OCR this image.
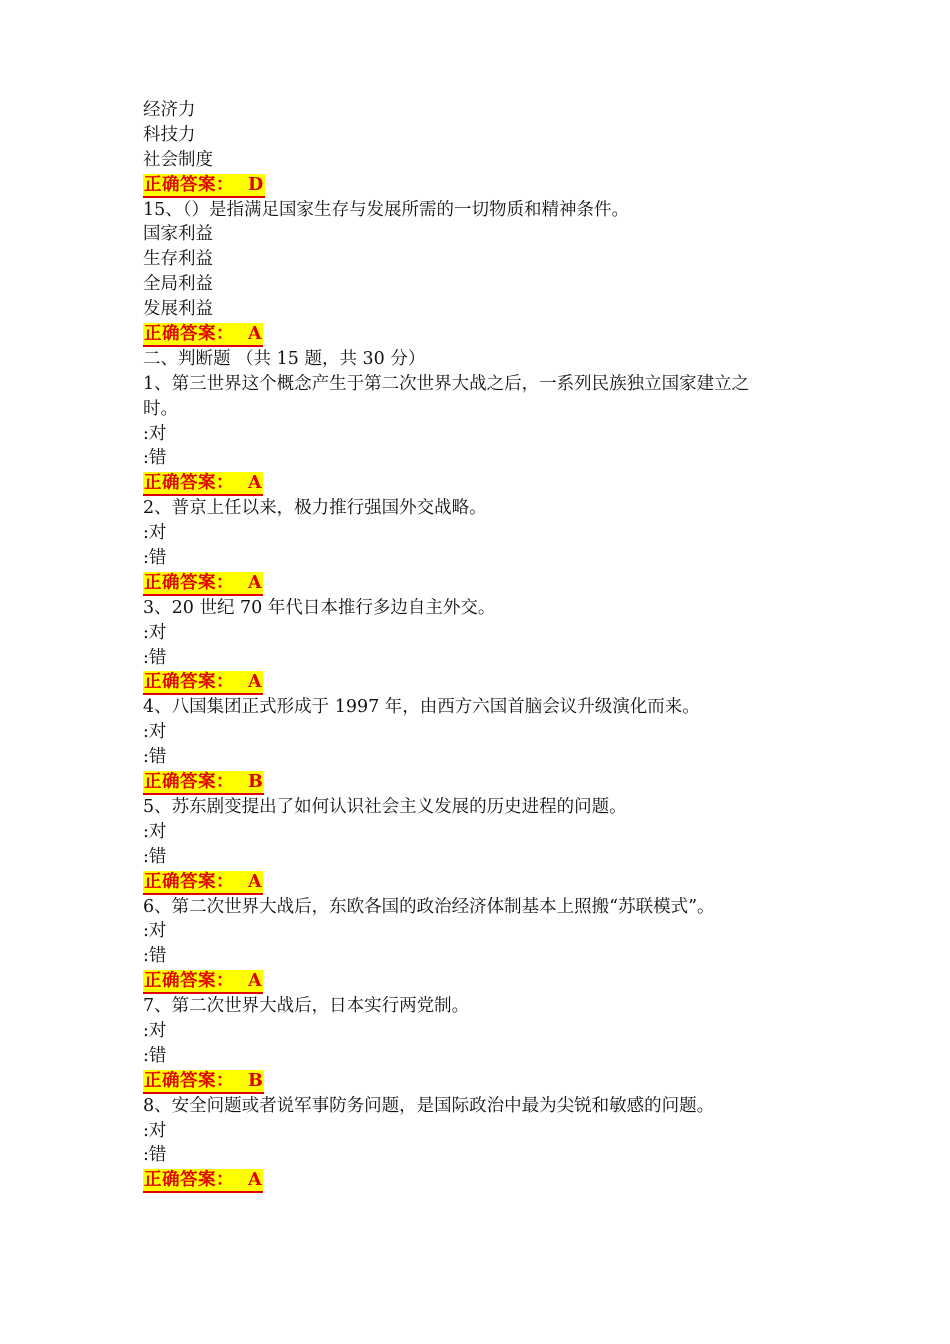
经济力
科技力
社会制度
正确答案： D
15、（）是指满足国家生存与发展所需的一切物质和精神条件。
国家利益
生存利益
全局利益
发展利益
正确答案： A
二、判断题 （共 15 题，共 30 分）
1、第三世界这个概念产生于第二次世界大战之后，一系列民族独立国家建立之
时。
:对
:错
正确答案： A
2、普京上任以来，极力推行强国外交战略。
:对
:错
正确答案： A
3、20 世纪 70 年代日本推行多边自主外交。
:对
:错
正确答案： A
4、八国集团正式形成于 1997 年，由西方六国首脑会议升级演化而来。
:对
:错
正确答案： B
5、苏东剧变提出了如何认识社会主义发展的历史进程的问题。
:对
:错
正确答案： A
6、第二次世界大战后，东欧各国的政治经济体制基本上照搬“苏联模式”。
:对
:错
正确答案： A
7、第二次世界大战后，日本实行两党制。
:对
:错
正确答案： B
8、安全问题或者说军事防务问题，是国际政治中最为尖锐和敏感的问题。
:对
:错
正确答案： A
